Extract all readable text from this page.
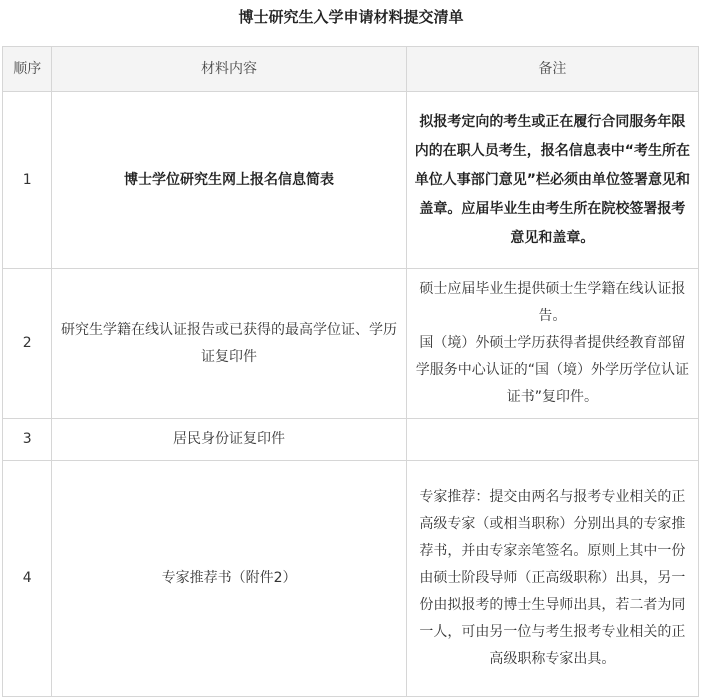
博士研究生入学申请材料提交清单
顺序	材料内容	备注
1	博士学位研究生网上报名信息简表	拟报考定向的考生或正在履行合同服务年限内的在职人员考生，报名信息表中“考生所在单位人事部门意见”栏必须由单位签署意见和盖章。应届毕业生由考生所在院校签署报考意见和盖章。

2	研究生学籍在线认证报告或已获得的最高学位证、学历证复印件	硕士应届毕业生提供硕士生学籍在线认证报告。

国（境）外硕士学历获得者提供经教育部留学服务中心认证的“国（境）外学历学位认证证书”复印件。

3	居民身份证复印件	
4	专家推荐书（附件2）	专家推荐：提交由两名与报考专业相关的正高级专家（或相当职称）分别出具的专家推荐书，并由专家亲笔签名。原则上其中一份由硕士阶段导师（正高级职称）出具，另一份由拟报考的博士生导师出具，若二者为同一人，可由另一位与考生报考专业相关的正高级职称专家出具。
